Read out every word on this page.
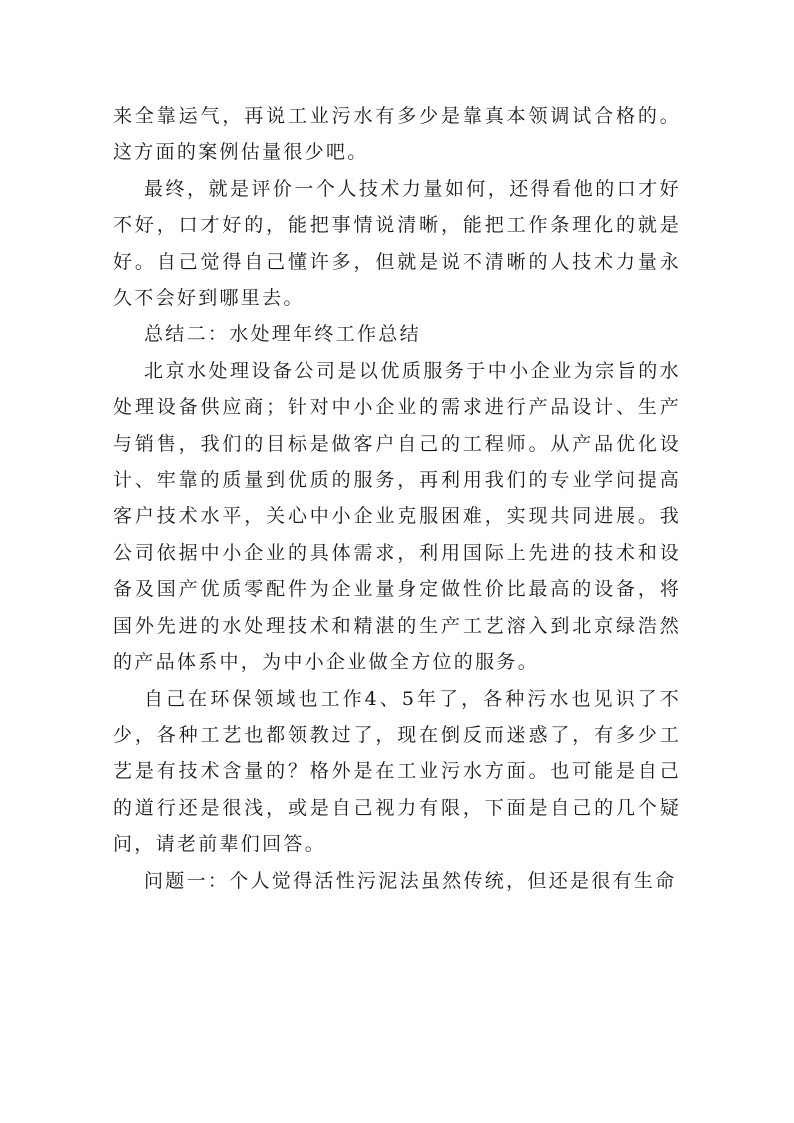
来全靠运气，再说工业污水有多少是靠真本领调试合格的。这方面的案例估量很少吧。

最终，就是评价一个人技术力量如何，还得看他的口才好不好，口才好的，能把事情说清晰，能把工作条理化的就是好。自己觉得自己懂许多，但就是说不清晰的人技术力量永久不会好到哪里去。

总结二：水处理年终工作总结

北京水处理设备公司是以优质服务于中小企业为宗旨的水处理设备供应商；针对中小企业的需求进行产品设计、生产与销售，我们的目标是做客户自己的工程师。从产品优化设计、牢靠的质量到优质的服务，再利用我们的专业学问提高客户技术水平，关心中小企业克服困难，实现共同进展。我公司依据中小企业的具体需求，利用国际上先进的技术和设备及国产优质零配件为企业量身定做性价比最高的设备，将国外先进的水处理技术和精湛的生产工艺溶入到北京绿浩然的产品体系中，为中小企业做全方位的服务。

自己在环保领域也工作4、5年了，各种污水也见识了不少，各种工艺也都领教过了，现在倒反而迷惑了，有多少工艺是有技术含量的？格外是在工业污水方面。也可能是自己的道行还是很浅，或是自己视力有限，下面是自己的几个疑问，请老前辈们回答。

问题一：个人觉得活性污泥法虽然传统，但还是很有生命
